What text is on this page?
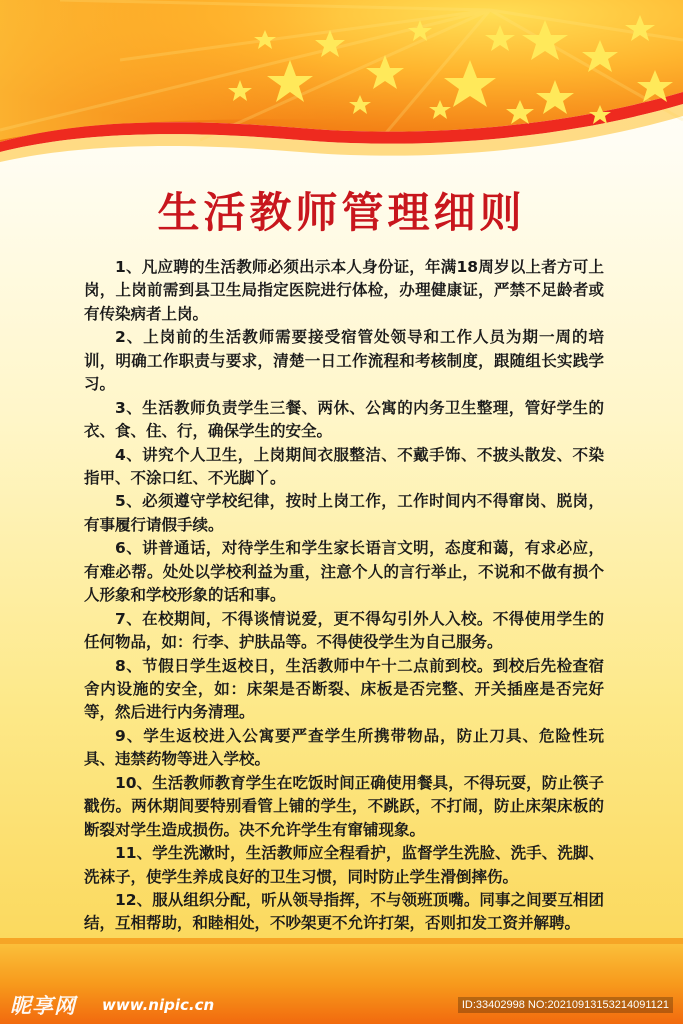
生活教师管理细则

1、凡应聘的生活教师必须出示本人身份证，年满18周岁以上者方可上岗，上岗前需到县卫生局指定医院进行体检，办理健康证，严禁不足龄者或有传染病者上岗。

2、上岗前的生活教师需要接受宿管处领导和工作人员为期一周的培训，明确工作职责与要求，清楚一日工作流程和考核制度，跟随组长实践学习。

3、生活教师负责学生三餐、两休、公寓的内务卫生整理，管好学生的衣、食、住、行，确保学生的安全。

4、讲究个人卫生，上岗期间衣服整洁、不戴手饰、不披头散发、不染指甲、不涂口红、不光脚丫。

5、必须遵守学校纪律，按时上岗工作，工作时间内不得窜岗、脱岗，有事履行请假手续。

6、讲普通话，对待学生和学生家长语言文明，态度和蔼，有求必应，有难必帮。处处以学校利益为重，注意个人的言行举止，不说和不做有损个人形象和学校形象的话和事。

7、在校期间，不得谈情说爱，更不得勾引外人入校。不得使用学生的任何物品，如：行李、护肤品等。不得使役学生为自己服务。

8、节假日学生返校日，生活教师中午十二点前到校。到校后先检查宿舍内设施的安全，如：床架是否断裂、床板是否完整、开关插座是否完好等，然后进行内务清理。

9、学生返校进入公寓要严查学生所携带物品，防止刀具、危险性玩具、违禁药物等进入学校。

10、生活教师教育学生在吃饭时间正确使用餐具，不得玩耍，防止筷子戳伤。两休期间要特别看管上铺的学生，不跳跃，不打闹，防止床架床板的断裂对学生造成损伤。决不允许学生有窜铺现象。

11、学生洗漱时，生活教师应全程看护，监督学生洗脸、洗手、洗脚、洗袜子，使学生养成良好的卫生习惯，同时防止学生滑倒摔伤。

12、服从组织分配，听从领导指挥，不与领班顶嘴。同事之间要互相团结，互相帮助，和睦相处，不吵架更不允许打架，否则扣发工资并解聘。

昵享网 www.nipic.cn	ID:33402998 NO:20210913153214091121
